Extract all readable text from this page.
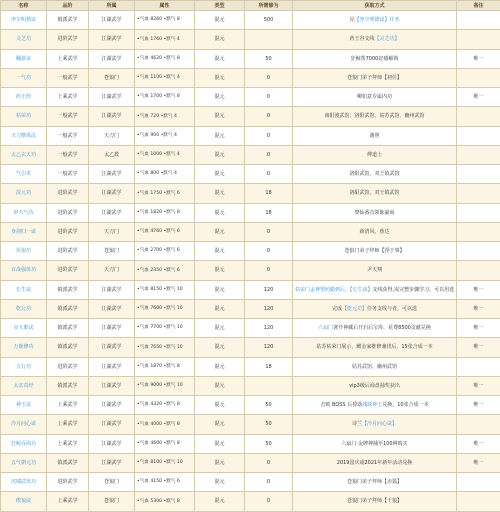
名称	品阶	所属	属性	类型	所需修为	获取方式	备注
净尘明德诀	镇派武学	江湖武学	•气血 8260 •默气 8	混元	500	见【净尘明德诀】任务	
灵芝功	进阶武学	江湖武学	•气血 1760 •默气 4	混元		药王谷支线【灵芝功】	
翻游诀	上乘武学	江湖武学	•气血 4620 •默气 8	混元	50	狂鲸帮7000好感解锁	唯一
一气功	一般武学	苍狼门	•气血 1100 •默气 4	混元	0	苍狼门弟子拜师【初任】	
药王经	上乘武学	江湖武学	•气血 1700 •默气 8	混元	0	柳如意专属内功	唯一
枯荣功	一般武学	江湖武学	•气血 720 •默气 4	混元	0	南阳渡武馆、洛阳武馆、姑苏武馆、幽州武馆	
天刀横体法	一般武学	天刀门	•气血 900 •默气 4	混元	0	谢照	
太乙玄天功	一般武学	太乙教	•气血 1000 •默气 4	混元	0	傅道士	
气引术	一般武学	江湖武学	•气血 800 •默气 4	混元	0	洛阳武馆、双王镇武馆	
混元功	进阶武学	江湖武学	•气血 1750 •默气 6	混元	18	洛阳武馆、双王镇武馆	
屏天气功	进阶武学	江湖武学	•气血 1820 •默气 8	混元	18	黎仙番首领陈豪商	
身剑归一诀	进阶武学	天刀门	•气血 4760 •默气 6	混元	0	薛清风、蕉达	
伏狼功	进阶武学	苍狼门	•气血 2700 •默气 6	混元	0	苍狼门弟子拜师【浮于事】	
百战强体功	进阶武学	天刀门	•气血 2350 •默气 6	混元	0	尹天翔	
长生诀	镇派武学	江湖武学	•气血 8150 •默气 10	混元	120	枯荣门孟神塑药勤到后，【长生诀】支线获得,需完整步骤学习，可以用选	唯一
乾元功	镇派武学	江湖武学	•气血 7600 •默气 10	混元	120	完成【乾元功】任务支线与者，可以选	唯一
步天歌诀	镇派武学	江湖武学	•气血 7700 •默气 10	混元	120	六扇门署开神藏后开启后宝库，花费8500贡献兑换	唯一
万鹿修功	镇派武学	江湖武学	•气血 7650 •默气 10	混元	120	姑苏枯荣门展示，麒金家推修兼找后，15张合成一本	唯一
五行功	进阶武学	江湖武学	•气血 1870 •默气 8	混元	18	姑苏武馆、幽州武馆	
太玄真经	镇派武学	江湖武学	•气血 9000 •默气 10	混元		vip3级后商盘抽奖获出	唯一
神玉诀	上乘武学	江湖武学	•气血 4320 •默气 8	混元	50	击败 BOSS 后掉落残缺神玉兑换，10张合成一本	唯一
冷月问心诀	上乘武学	江湖武学	•气血 4000 •默气 8	混元	50	诗兰【冷月问心诀】	
狂鲸吞海功	上乘武学	江湖武学	•气血 4600 •默气 8	混元	50	六扇门·金牌神捕至100网购买	唯一
五气朝元功	镇派武学	江湖武学	•气血 8100 •默气 10	混元	0	2019国庆或2021年新年活动兑换	唯一
虎啸武侠功	进阶武学	苍狼门	•气血 4150 •默气 6	混元	0	苍狼门弟子拜师【赤狐】	
傲狼诀	上乘武学	苍狼门	•气血 5300 •默气 8	混元	0	苍狼门弟子拜师【千狼】	
